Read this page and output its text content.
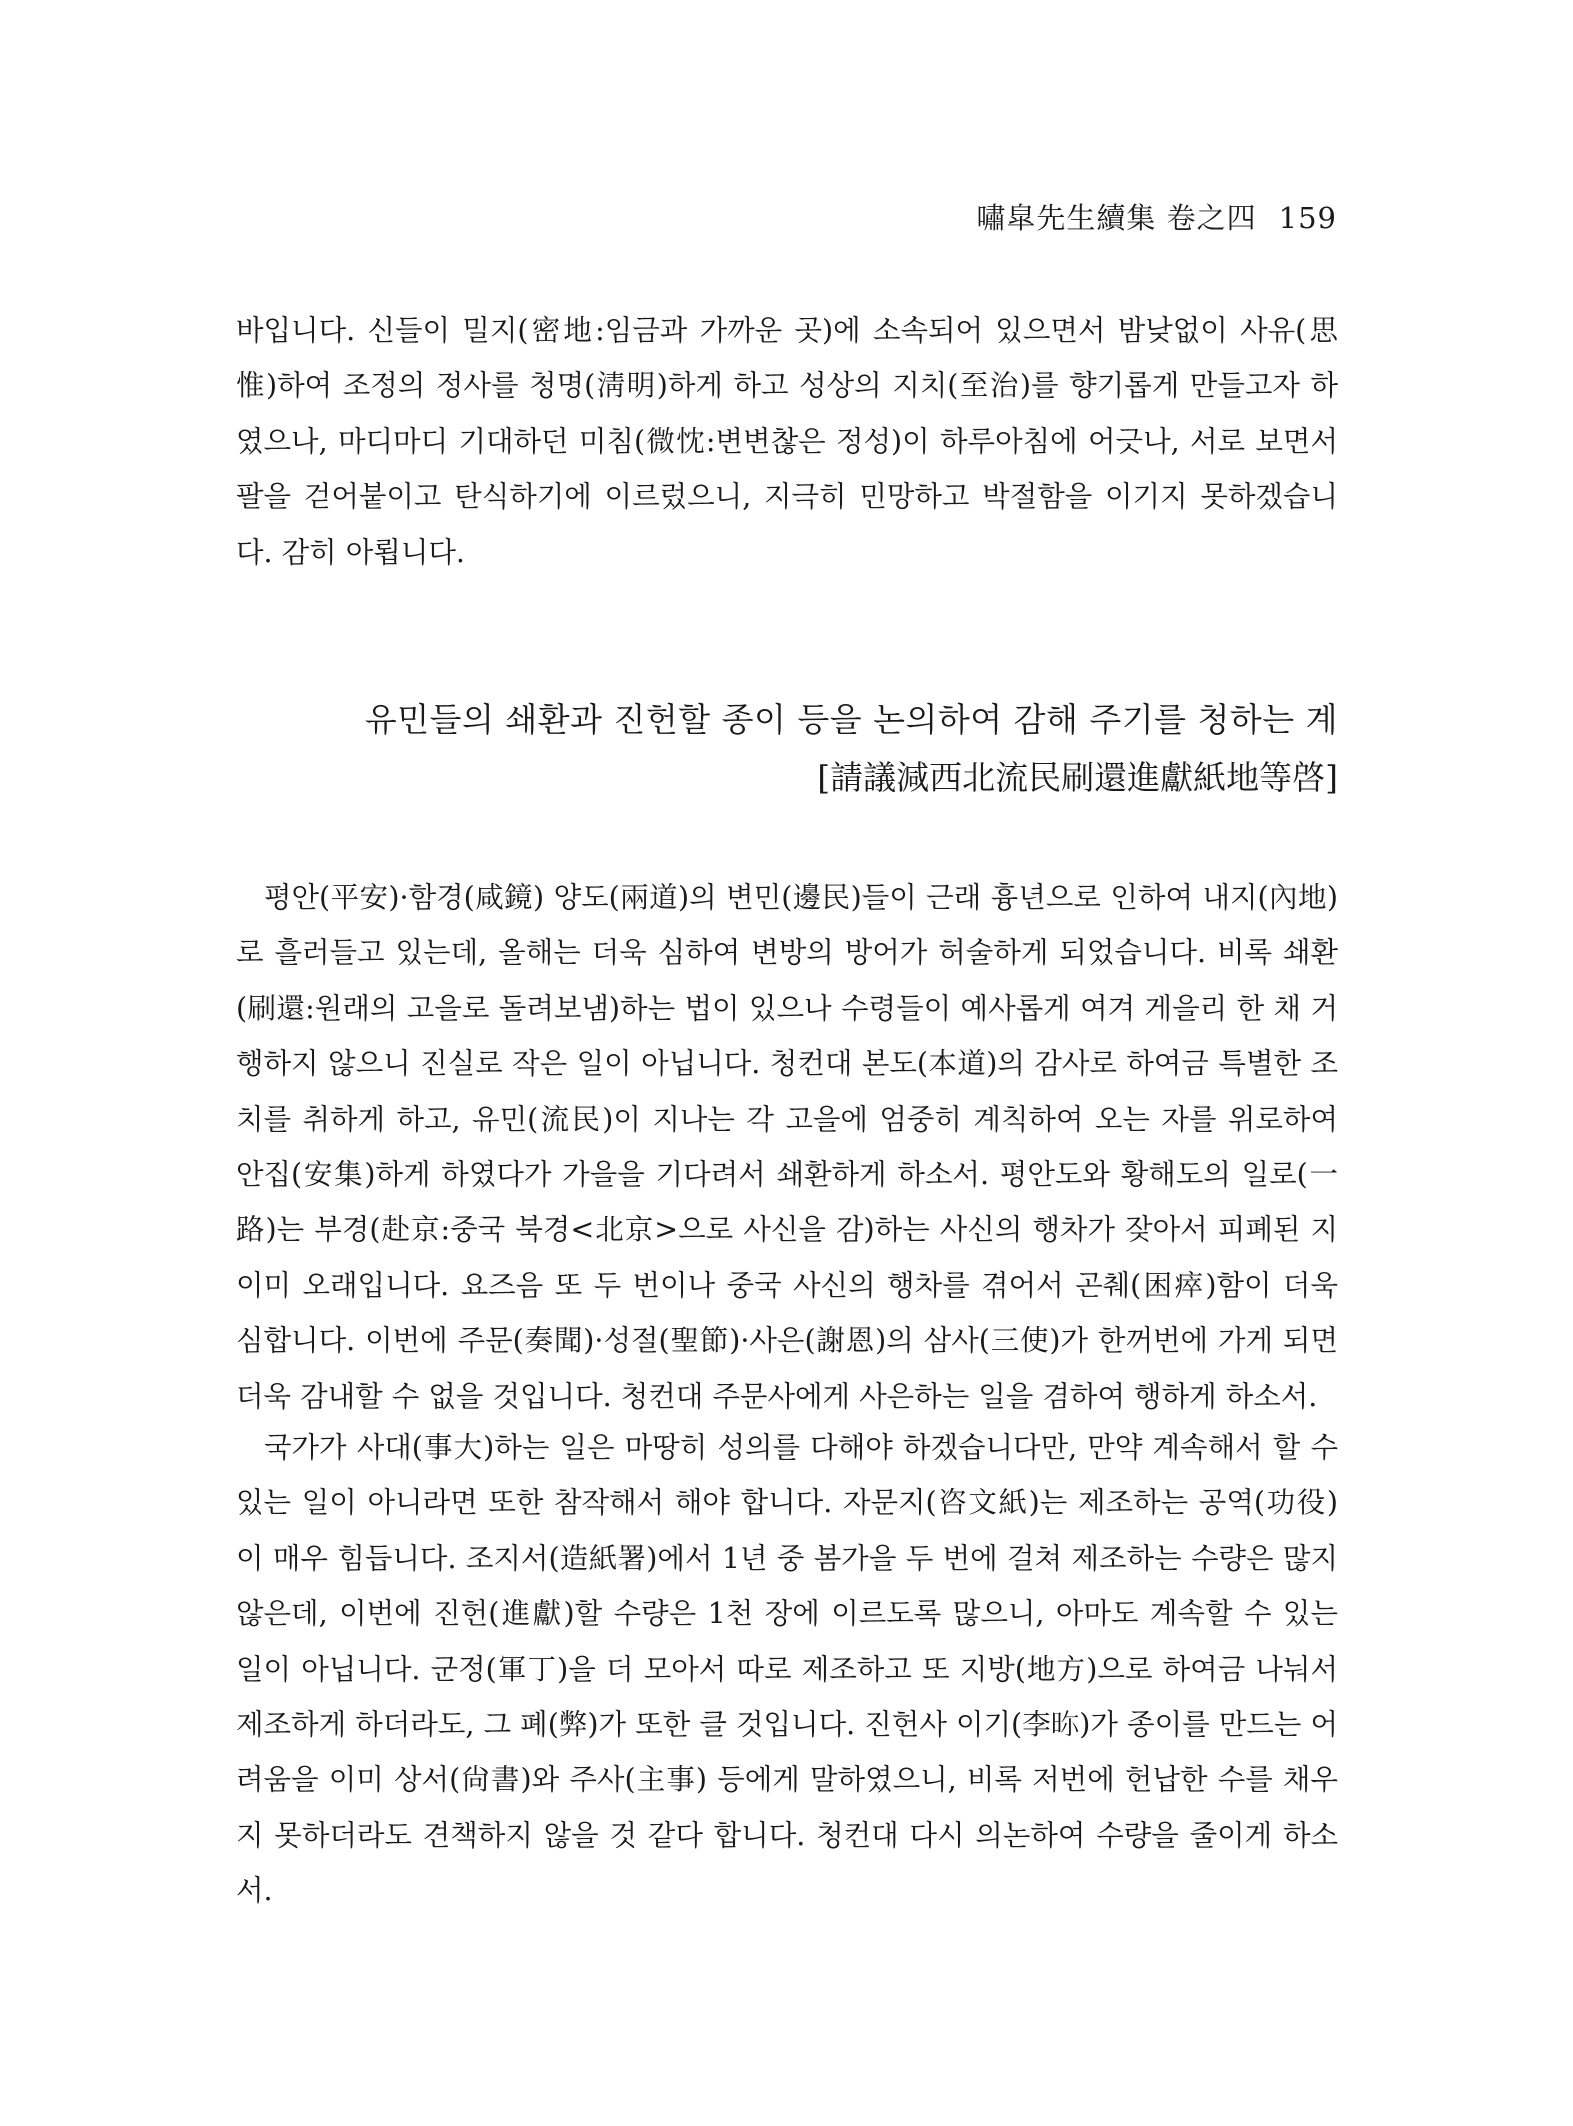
嘯皐先生續集 卷之四 159

바입니다. 신들이 밀지(密地:임금과 가까운 곳)에 소속되어 있으면서 밤낮없이 사유(思惟)하여 조정의 정사를 청명(淸明)하게 하고 성상의 지치(至治)를 향기롭게 만들고자 하였으나, 마디마디 기대하던 미침(微忱:변변찮은 정성)이 하루아침에 어긋나, 서로 보면서 팔을 걷어붙이고 탄식하기에 이르렀으니, 지극히 민망하고 박절함을 이기지 못하겠습니다. 감히 아룁니다.

유민들의 쇄환과 진헌할 종이 등을 논의하여 감해 주기를 청하는 계
[請議減西北流民刷還進獻紙地等啓]

평안(平安)·함경(咸鏡) 양도(兩道)의 변민(邊民)들이 근래 흉년으로 인하여 내지(內地)로 흘러들고 있는데, 올해는 더욱 심하여 변방의 방어가 허술하게 되었습니다. 비록 쇄환(刷還:원래의 고을로 돌려보냄)하는 법이 있으나 수령들이 예사롭게 여겨 게을리 한 채 거행하지 않으니 진실로 작은 일이 아닙니다. 청컨대 본도(本道)의 감사로 하여금 특별한 조치를 취하게 하고, 유민(流民)이 지나는 각 고을에 엄중히 계칙하여 오는 자를 위로하여 안집(安集)하게 하였다가 가을을 기다려서 쇄환하게 하소서. 평안도와 황해도의 일로(一路)는 부경(赴京:중국 북경<北京>으로 사신을 감)하는 사신의 행차가 잦아서 피폐된 지 이미 오래입니다. 요즈음 또 두 번이나 중국 사신의 행차를 겪어서 곤췌(困瘁)함이 더욱 심합니다. 이번에 주문(奏聞)·성절(聖節)·사은(謝恩)의 삼사(三使)가 한꺼번에 가게 되면 더욱 감내할 수 없을 것입니다. 청컨대 주문사에게 사은하는 일을 겸하여 행하게 하소서.

국가가 사대(事大)하는 일은 마땅히 성의를 다해야 하겠습니다만, 만약 계속해서 할 수 있는 일이 아니라면 또한 참작해서 해야 합니다. 자문지(咨文紙)는 제조하는 공역(功役)이 매우 힘듭니다. 조지서(造紙署)에서 1년 중 봄가을 두 번에 걸쳐 제조하는 수량은 많지 않은데, 이번에 진헌(進獻)할 수량은 1천 장에 이르도록 많으니, 아마도 계속할 수 있는 일이 아닙니다. 군정(軍丁)을 더 모아서 따로 제조하고 또 지방(地方)으로 하여금 나눠서 제조하게 하더라도, 그 폐(弊)가 또한 클 것입니다. 진헌사 이기(李𣆋)가 종이를 만드는 어려움을 이미 상서(尙書)와 주사(主事) 등에게 말하였으니, 비록 저번에 헌납한 수를 채우지 못하더라도 견책하지 않을 것 같다 합니다. 청컨대 다시 의논하여 수량을 줄이게 하소서.
